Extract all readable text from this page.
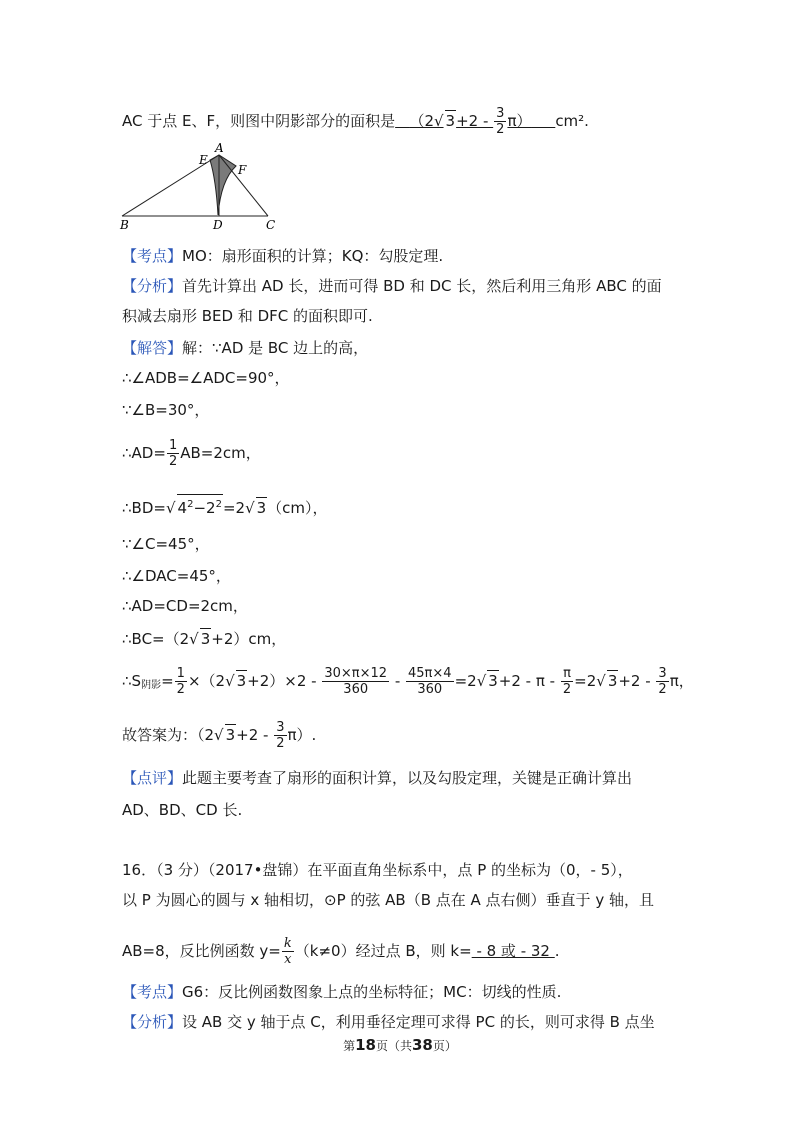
AC 于点 E、F，则图中阴影部分的面积是 （2√ $3+2 - \frac{3}{2} \pi$） cm².
A
E
F
B	D	C
【考点】MO：扇形面积的计算；KQ：勾股定理.
【分析】首先计算出 AD 长，进而可得 BD 和 DC 长，然后利用三角形 ABC 的面
积减去扇形 BED 和 DFC 的面积即可.
【解答】解：∵AD 是 BC 边上的高，
∴∠ADB=∠ADC=90°，
∵∠B=30°，
∴AD= $\frac{1}{2} AB=2cm$，
∴BD=√ $4^2-2^2=2√$ 3（cm），
∵∠C=45°，
∴∠DAC=45°，
∴AD=CD=2cm，
∴BC=（2√ 3+2）cm，
$\therefore S_{阴影}= \frac{1}{2} \times(2√$ $3+2)\times 2 - \frac{30\times\pi\times 12}{360} - \frac{45\pi\times 4}{360} =2√$ $3+2 - \pi - \frac{\pi}{2} =2√$ $3+2 - \frac{3}{2}$ π，
故答案为：（2√ $3+2 - \frac{3}{2} \pi$）.
【点评】此题主要考查了扇形的面积计算，以及勾股定理，关键是正确计算出
AD、BD、CD 长.
16．（3 分）（2017•盘锦）在平面直角坐标系中，点 P 的坐标为（0，- 5），
以 P 为圆心的圆与 x 轴相切，⊙P 的弦 AB（B 点在 A 点右侧）垂直于 y 轴，且
AB=8，反比例函数 $y= \frac{k}{x} (k\ne 0)$经过点 B，则 k= - 8 或 - 32 .
【考点】G6：反比例函数图象上点的坐标特征；MC：切线的性质.
【分析】设 AB 交 y 轴于点 C，利用垂径定理可求得 PC 的长，则可求得 B 点坐
第18页（共38页）
